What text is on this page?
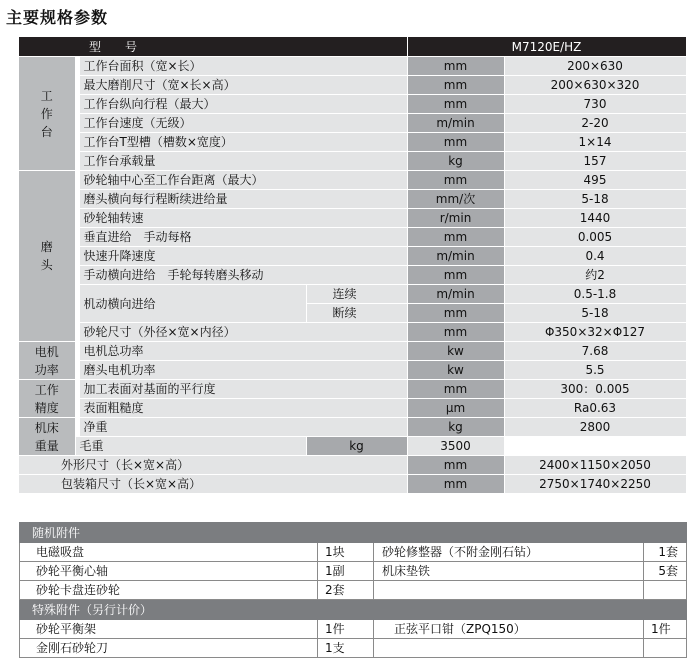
主要规格参数
型　　号				M7120E/HZ	
工
作
台		工作台面积（宽×长）		mm	200×630
		最大磨削尺寸（宽×长×高）		mm	200×630×320
		工作台纵向行程（最大）		mm	730
		工作台速度（无级）		m/min	2-20
		工作台T型槽（槽数×宽度）		mm	1×14
		工作台承载量		kg	157
磨
头		砂轮轴中心至工作台距离（最大）		mm	495
		磨头横向每行程断续进给量		mm/次	5-18
		砂轮轴转速		r/min	1440
		垂直进给　手动每格		mm	0.005
		快速升降速度		m/min	0.4
		手动横向进给　手轮每转磨头移动		mm	约2
		机动横向进给	连续	m/min	0.5-1.8
			断续	mm	5-18
		砂轮尺寸（外径×宽×内径）		mm	Φ350×32×Φ127
电机
功率		电机总功率		kw	7.68
		磨头电机功率		kw	5.5
工作
精度		加工表面对基面的平行度		mm	300：0.005
		表面粗糙度		μm	Ra0.63
机床
重量		净重		kg	2800
	毛重		kg	3500	
外形尺寸（长×宽×高）				mm	2400×1150×2050
包装箱尺寸（长×宽×高）				mm	2750×1740×2250
随机附件			
电磁吸盘	1块	砂轮修整器（不附金刚石钻）	1套
砂轮平衡心轴	1副	机床垫铁	5套
砂轮卡盘连砂轮	2套		
特殊附件（另行计价）			
砂轮平衡架	1件	正弦平口钳（ZPQ150）	1件
金刚石砂轮刀	1支		
